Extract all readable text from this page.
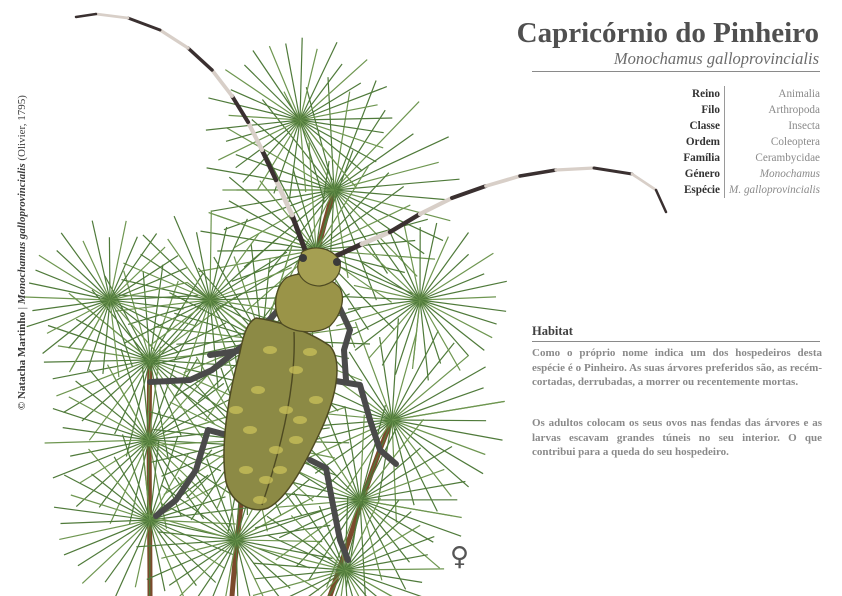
© Natacha Martinho | Monochamus galloprovincialis (Olivier, 1795)
Capricórnio do Pinheiro
Monochamus galloprovincialis
Reino	Animalia
Filo	Arthropoda
Classe	Insecta
Ordem	Coleoptera
Família	Cerambycidae
Género	Monochamus
Espécie M. galloprovincialis
Habitat

Como o próprio nome indica um dos hospedeiros desta espécie é o Pinheiro. As suas árvores preferidos são, as recém-cortadas, derrubadas, a morrer ou recentemente mortas.

Os adultos colocam os seus ovos nas fendas das árvores e as larvas escavam grandes túneis no seu interior. O que contribui para a queda do seu hospedeiro.

♀
